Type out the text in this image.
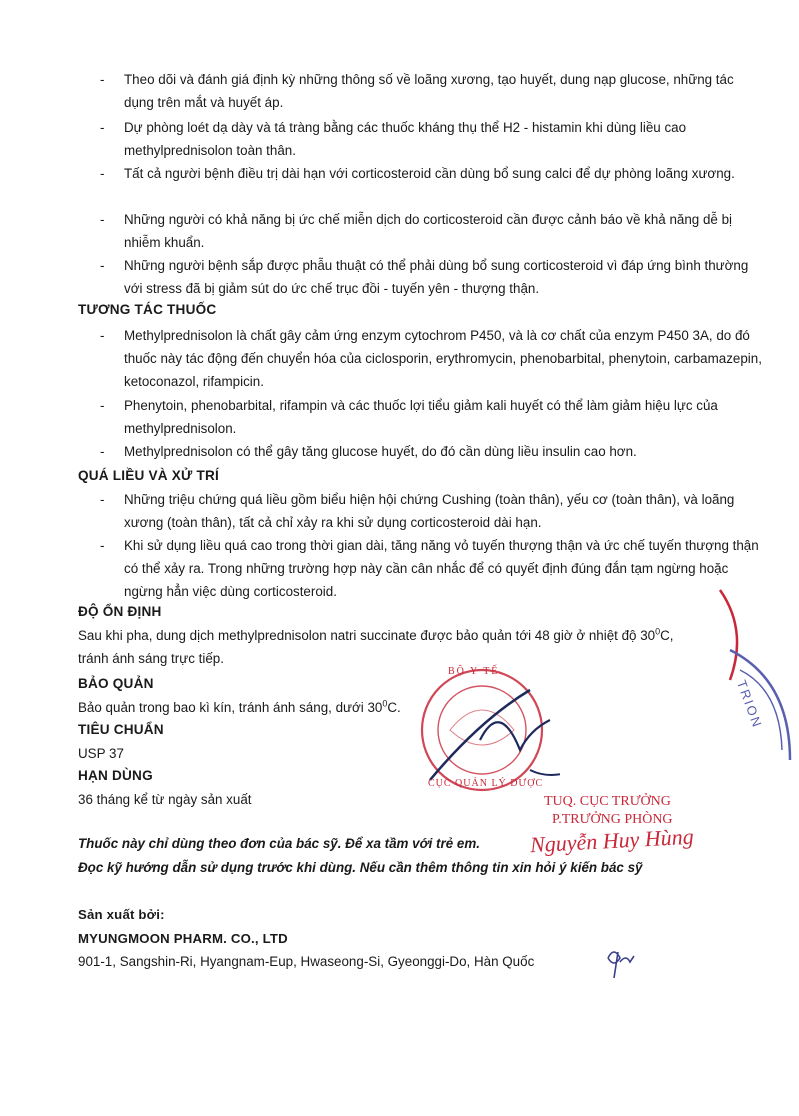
- Theo dõi và đánh giá định kỳ những thông số về loãng xương, tạo huyết, dung nạp glucose, những tác dụng trên mắt và huyết áp.
- Dự phòng loét dạ dày và tá tràng bằng các thuốc kháng thụ thể H2 - histamin khi dùng liều cao methylprednisolon toàn thân.
- Tất cả người bệnh điều trị dài hạn với corticosteroid cần dùng bổ sung calci để dự phòng loãng xương.
- Những người có khả năng bị ức chế miễn dịch do corticosteroid cần được cảnh báo về khả năng dễ bị nhiễm khuẩn.
- Những người bệnh sắp được phẫu thuật có thể phải dùng bổ sung corticosteroid vì đáp ứng bình thường với stress đã bị giảm sút do ức chế trục đồi - tuyến yên - thượng thận.
TƯƠNG TÁC THUỐC
- Methylprednisolon là chất gây cảm ứng enzym cytochrom P450, và là cơ chất của enzym P450 3A, do đó thuốc này tác động đến chuyển hóa của ciclosporin, erythromycin, phenobarbital, phenytoin, carbamazepin, ketoconazol, rifampicin.
- Phenytoin, phenobarbital, rifampin và các thuốc lợi tiểu giảm kali huyết có thể làm giảm hiệu lực của methylprednisolon.
- Methylprednisolon có thể gây tăng glucose huyết, do đó cần dùng liều insulin cao hơn.
QUÁ LIỀU VÀ XỬ TRÍ
- Những triệu chứng quá liều gồm biểu hiện hội chứng Cushing (toàn thân), yếu cơ (toàn thân), và loãng xương (toàn thân), tất cả chỉ xảy ra khi sử dụng corticosteroid dài hạn.
- Khi sử dụng liều quá cao trong thời gian dài, tăng năng vỏ tuyến thượng thận và ức chế tuyến thượng thận có thể xảy ra. Trong những trường hợp này cần cân nhắc để có quyết định đúng đắn tạm ngừng hoặc ngừng hẳn việc dùng corticosteroid.
ĐỘ ỔN ĐỊNH
Sau khi pha, dung dịch methylprednisolon natri succinate được bảo quản tới 48 giờ ở nhiệt độ $30^0C$,
tránh ánh sáng trực tiếp.
BẢO QUẢN
Bảo quản trong bao kì kín, tránh ánh sáng, dưới $30^0C$.
TIÊU CHUẨN
USP 37
HẠN DÙNG
36 tháng kể từ ngày sản xuất
Thuốc này chỉ dùng theo đơn của bác sỹ. Để xa tầm với trẻ em.
Đọc kỹ hướng dẫn sử dụng trước khi dùng. Nếu cần thêm thông tin xin hỏi ý kiến bác sỹ
Sản xuất bởi:
MYUNGMOON PHARM. CO., LTD
901-1, Sangshin-Ri, Hyangnam-Eup, Hwaseong-Si, Gyeonggi-Do, Hàn Quốc
BỘ Y TẾ
CỤC QUẢN LÝ DƯỢC
TUQ. CỤC TRƯỞNG
P.TRƯỞNG PHÒNG
Nguyễn Huy Hùng
TRION
